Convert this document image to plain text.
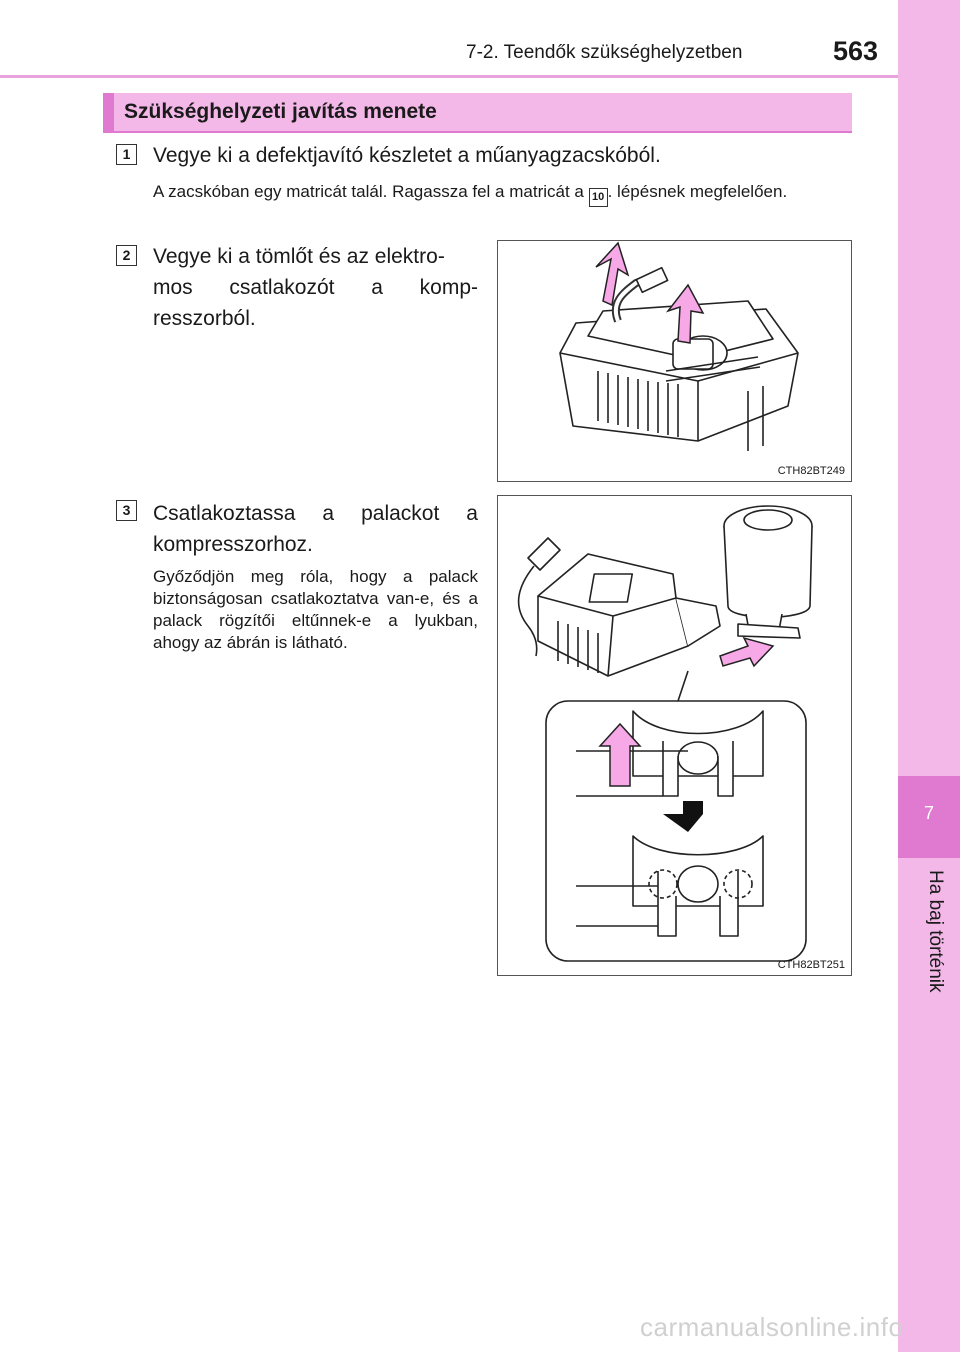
7-2. Teendők szükséghelyzetben	563
7
Ha baj történik
Szükséghelyzeti javítás menete
1	Vegye ki a defektjavító készletet a műanyagzacskóból.
A zacskóban egy matricát talál. Ragassza fel a matricát a 10 . lépésnek megfelelően.
2	Vegye ki a tömlőt és az elektro-
mos csatlakozót a komp-
resszorból.
CTH82BT249
3	Csatlakoztassa a palackot a
kompresszorhoz.
Győződjön meg róla, hogy a palack biztonságosan csatlakoztatva van-e, és a palack rögzítői eltűnnek-e a lyukban, ahogy az ábrán is látható.
CTH82BT251
carmanualsonline.info
